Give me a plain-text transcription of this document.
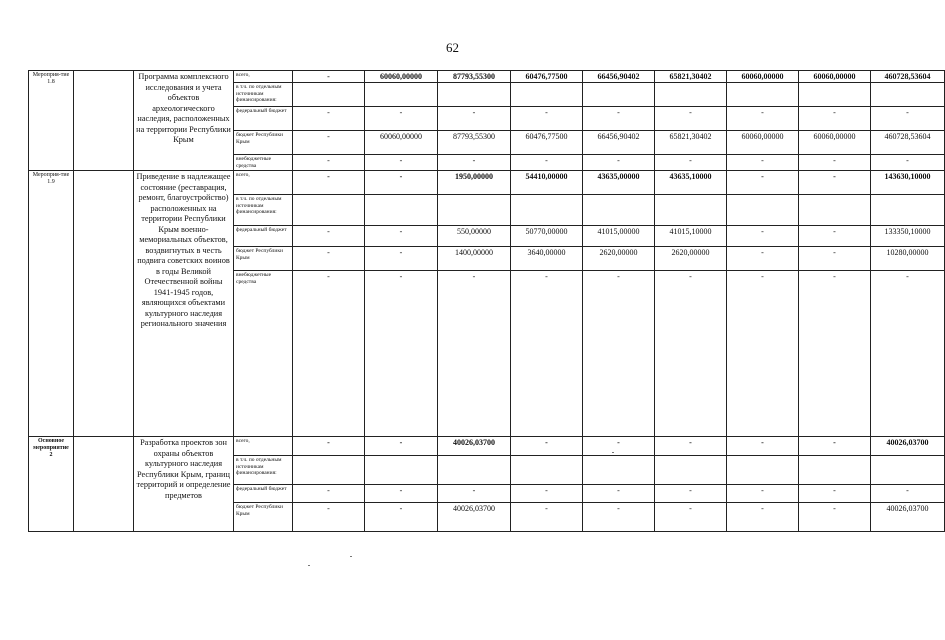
62
Мероприя-тие 1.8		Программа комплексного исследования и учета объектов археологического наследия, расположенных на территории Республики Крым	всего,	-	60060,00000	87793,55300	60476,77500	66456,90402	65821,30402	60060,00000	60060,00000	460728,53604
			в т.ч. по отдельным источникам финансирования:									
			федеральный бюджет	-	-	-	-	-	-	-	-	-
			бюджет Республики Крым	-	60060,00000	87793,55300	60476,77500	66456,90402	65821,30402	60060,00000	60060,00000	460728,53604
			внебюджетные средства	-	-	-	-	-	-	-	-	-
Мероприя-тие 1.9		Приведение в надлежащее состояние (реставрация, ремонт, благоустройство) расположенных на территории Республики Крым военно-мемориальных объектов, воздвигнутых в честь подвига советских воинов в годы Великой Отечественной войны 1941-1945 годов, являющихся объектами культурного наследия регионального значения	всего,	-	-	1950,00000	54410,00000	43635,00000	43635,10000	-	-	143630,10000
			в т.ч. по отдельным источникам финансирования:									
			федеральный бюджет	-	-	550,00000	50770,00000	41015,00000	41015,10000	-	-	133350,10000
			бюджет Республики Крым	-	-	1400,00000	3640,00000	2620,00000	2620,00000	-	-	10280,00000
			внебюджетные средства	-	-	-	-	-	-	-	-	-
Основное мероприятие 2		Разработка проектов зон охраны объектов культурного наследия Республики Крым, границ территорий и определение предметов	всего,	-	-	40026,03700	-	-	-	-	-	40026,03700
			в т.ч. по отдельным источникам финансирования:									
			федеральный бюджет	-	-	-	-	-	-	-	-	-
			бюджет Республики Крым	-	-	40026,03700	-	-	-	-	-	40026,03700
